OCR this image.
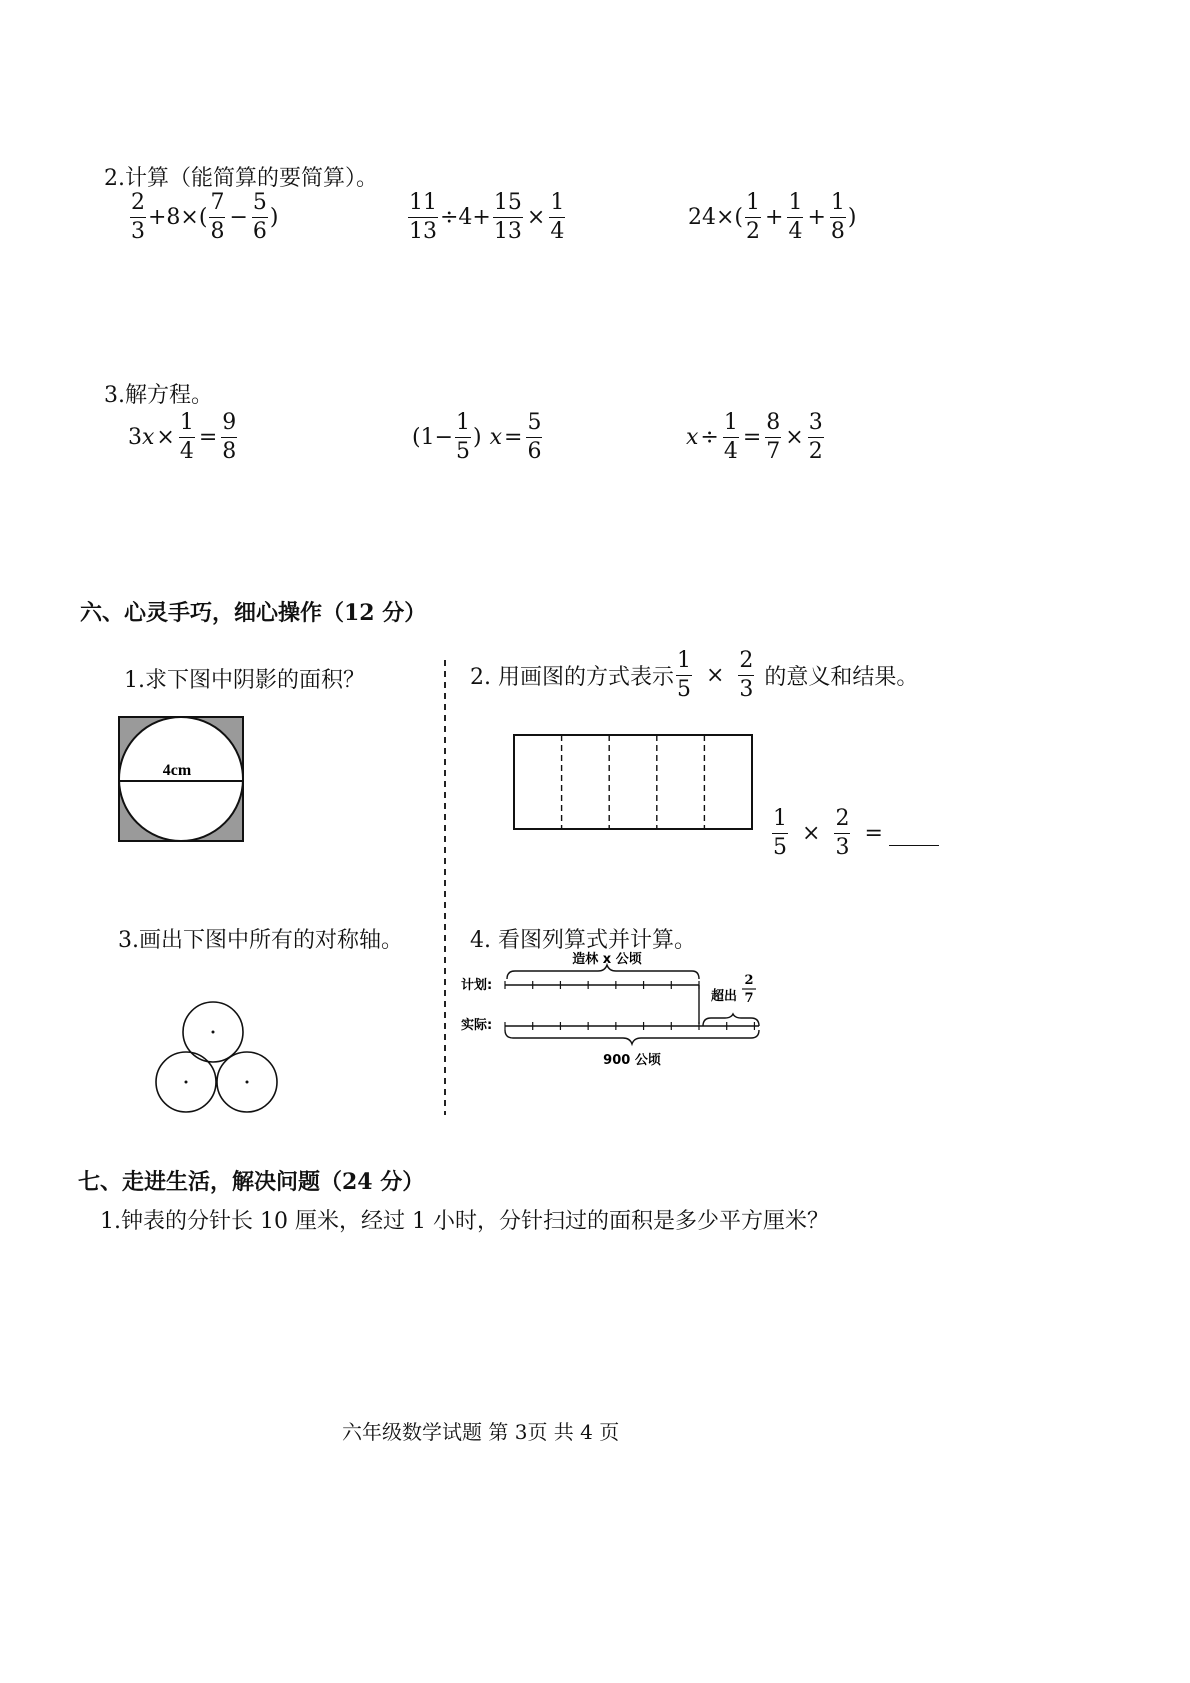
2.计算（能简算的要简算）。
$\frac{2}{3} +8\times( \frac{7}{8} - \frac{5}{6}$ )	$\frac{11}{13} \div 4+ \frac{15}{13} \times \frac{1}{4}$	$24\times( \frac{1}{2} + \frac{1}{4} + \frac{1}{8}$ )
3.解方程。
3 $x \times \frac{1}{4} = \frac{9}{8}$	($1- \frac{1}{5}$ ) $x = \frac{5}{6}$	$x \div \frac{1}{4} = \frac{8}{7} \times \frac{3}{2}$
六、心灵手巧，细心操作（12 分）
1.求下图中阴影的面积？
4cm
2. 用画图的方式表示 $\frac{1}{5} \times \frac{2}{3}$ 的意义和结果。
$\frac{1}{5} \times \frac{2}{3}$ =
3.画出下图中所有的对称轴。	4. 看图列算式并计算。
造林 x 公顷
计划:
超出
2
7
实际:
900 公顷
七、走进生活，解决问题（24 分）
1.钟表的分针长 10 厘米，经过 1 小时，分针扫过的面积是多少平方厘米？
六年级数学试题 第 3页 共 4 页
